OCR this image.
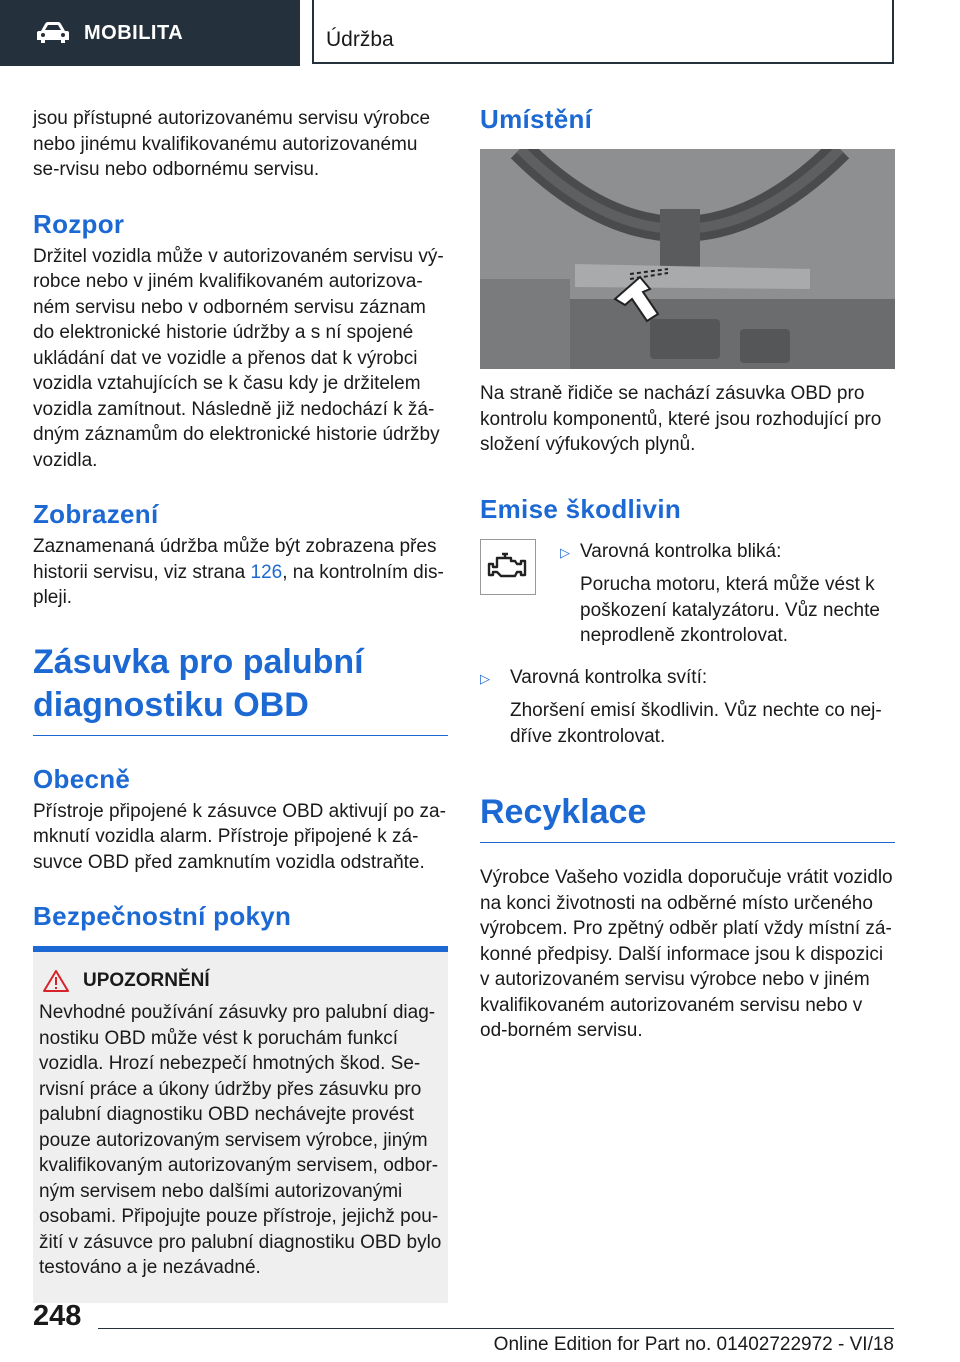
MOBILITA	Údržba

jsou přístupné autorizovanému servisu výrobce nebo jinému kvalifikovanému autorizovanému se-rvisu nebo odbornému servisu.

Rozpor

Držitel vozidla může v autorizovaném servisu vý-robce nebo v jiném kvalifikovaném autorizova-ném servisu nebo v odborném servisu záznam do elektronické historie údržby a s ní spojené ukládání dat ve vozidle a přenos dat k výrobci vozidla vztahujících se k času kdy je držitelem vozidla zamítnout. Následně již nedochází k žá-dným záznamům do elektronické historie údržby vozidla.

Zobrazení

Zaznamenaná údržba může být zobrazena přes historii servisu, viz strana 126, na kontrolním dis-pleji.

Zásuvka pro palubní
diagnostiku OBD
Obecně

Přístroje připojené k zásuvce OBD aktivují po za-mknutí vozidla alarm. Přístroje připojené k zá-suvce OBD před zamknutím vozidla odstraňte.

Bezpečnostní pokyn
UPOZORNĚNÍ

Nevhodné používání zásuvky pro palubní diag-nostiku OBD může vést k poruchám funkcí vozidla. Hrozí nebezpečí hmotných škod. Se-rvisní práce a úkony údržby přes zásuvku pro palubní diagnostiku OBD nechávejte provést pouze autorizovaným servisem výrobce, jiným kvalifikovaným autorizovaným servisem, odbor-ným servisem nebo dalšími autorizovanými osobami. Připojujte pouze přístroje, jejichž pou-žití v zásuvce pro palubní diagnostiku OBD bylo testováno a je nezávadné.

Umístění

Na straně řidiče se nachází zásuvka OBD pro kontrolu komponentů, které jsou rozhodující pro složení výfukových plynů.

Emise škodlivin
▷ Varovná kontrolka bliká:
Porucha motoru, která může vést k poškození katalyzátoru. Vůz nechte neprodleně zkontrolovat.
▷	Varovná kontrolka svítí:
Zhoršení emisí škodlivin. Vůz nechte co nej-dříve zkontrolovat.
Recyklace

Výrobce Vašeho vozidla doporučuje vrátit vozidlo na konci životnosti na odběrné místo určeného výrobcem. Pro zpětný odběr platí vždy místní zá-konné předpisy. Další informace jsou k dispozici v autorizovaném servisu výrobce nebo v jiném kvalifikovaném autorizovaném servisu nebo v od-borném servisu.

248
Online Edition for Part no. 01402722972 - VI/18
